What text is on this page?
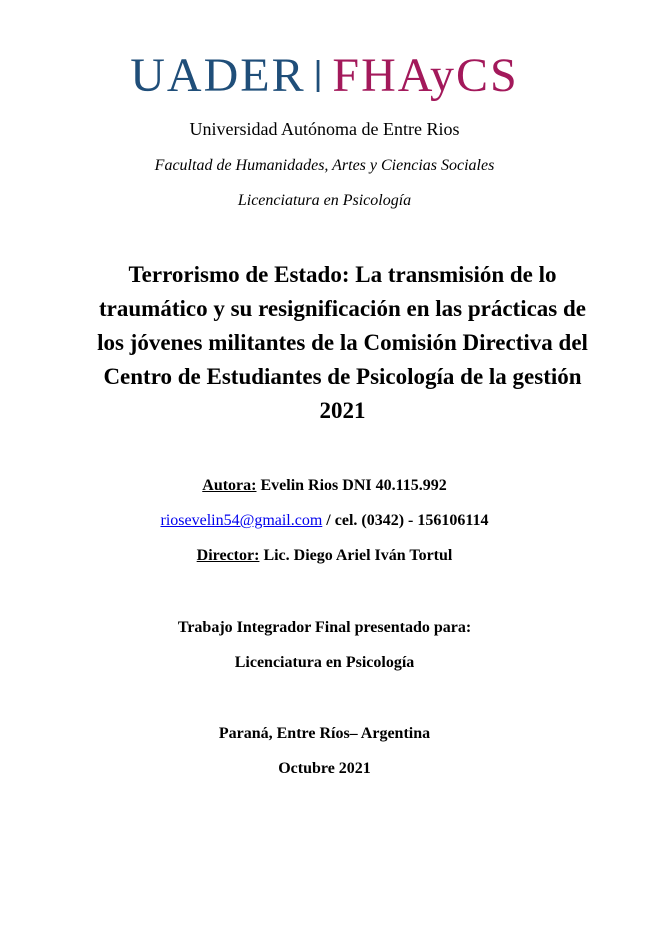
UADER | FHAyCS
Universidad Autónoma de Entre Rios
Facultad de Humanidades, Artes y Ciencias Sociales
Licenciatura en Psicología
Terrorismo de Estado: La transmisión de lo traumático y su resignificación en las prácticas de los jóvenes militantes de la Comisión Directiva del Centro de Estudiantes de Psicología de la gestión 2021
Autora: Evelin Rios DNI 40.115.992
riosevelin54@gmail.com / cel. (0342) - 156106114
Director: Lic. Diego Ariel Iván Tortul
Trabajo Integrador Final presentado para:
Licenciatura en Psicología
Paraná, Entre Ríos– Argentina
Octubre 2021
